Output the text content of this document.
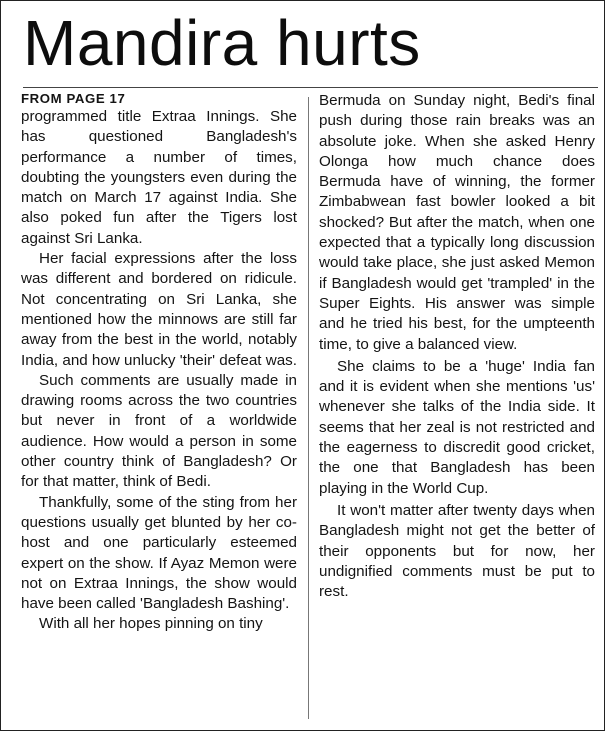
Mandira hurts
FROM PAGE 17

programmed title Extraa Innings. She has questioned Bangladesh's performance a number of times, doubting the youngsters even during the match on March 17 against India. She also poked fun after the Tigers lost against Sri Lanka.

Her facial expressions after the loss was different and bordered on ridicule. Not concentrating on Sri Lanka, she mentioned how the minnows are still far away from the best in the world, notably India, and how unlucky 'their' defeat was.

Such comments are usually made in drawing rooms across the two countries but never in front of a worldwide audience. How would a person in some other country think of Bangladesh? Or for that matter, think of Bedi.

Thankfully, some of the sting from her questions usually get blunted by her co-host and one particularly esteemed expert on the show. If Ayaz Memon were not on Extraa Innings, the show would have been called 'Bangladesh Bashing'.

With all her hopes pinning on tiny

Bermuda on Sunday night, Bedi's final push during those rain breaks was an absolute joke. When she asked Henry Olonga how much chance does Bermuda have of winning, the former Zimbabwean fast bowler looked a bit shocked? But after the match, when one expected that a typically long discussion would take place, she just asked Memon if Bangladesh would get 'trampled' in the Super Eights. His answer was simple and he tried his best, for the umpteenth time, to give a balanced view.

She claims to be a 'huge' India fan and it is evident when she mentions 'us' whenever she talks of the India side. It seems that her zeal is not restricted and the eagerness to discredit good cricket, the one that Bangladesh has been playing in the World Cup.

It won't matter after twenty days when Bangladesh might not get the better of their opponents but for now, her undignified comments must be put to rest.
